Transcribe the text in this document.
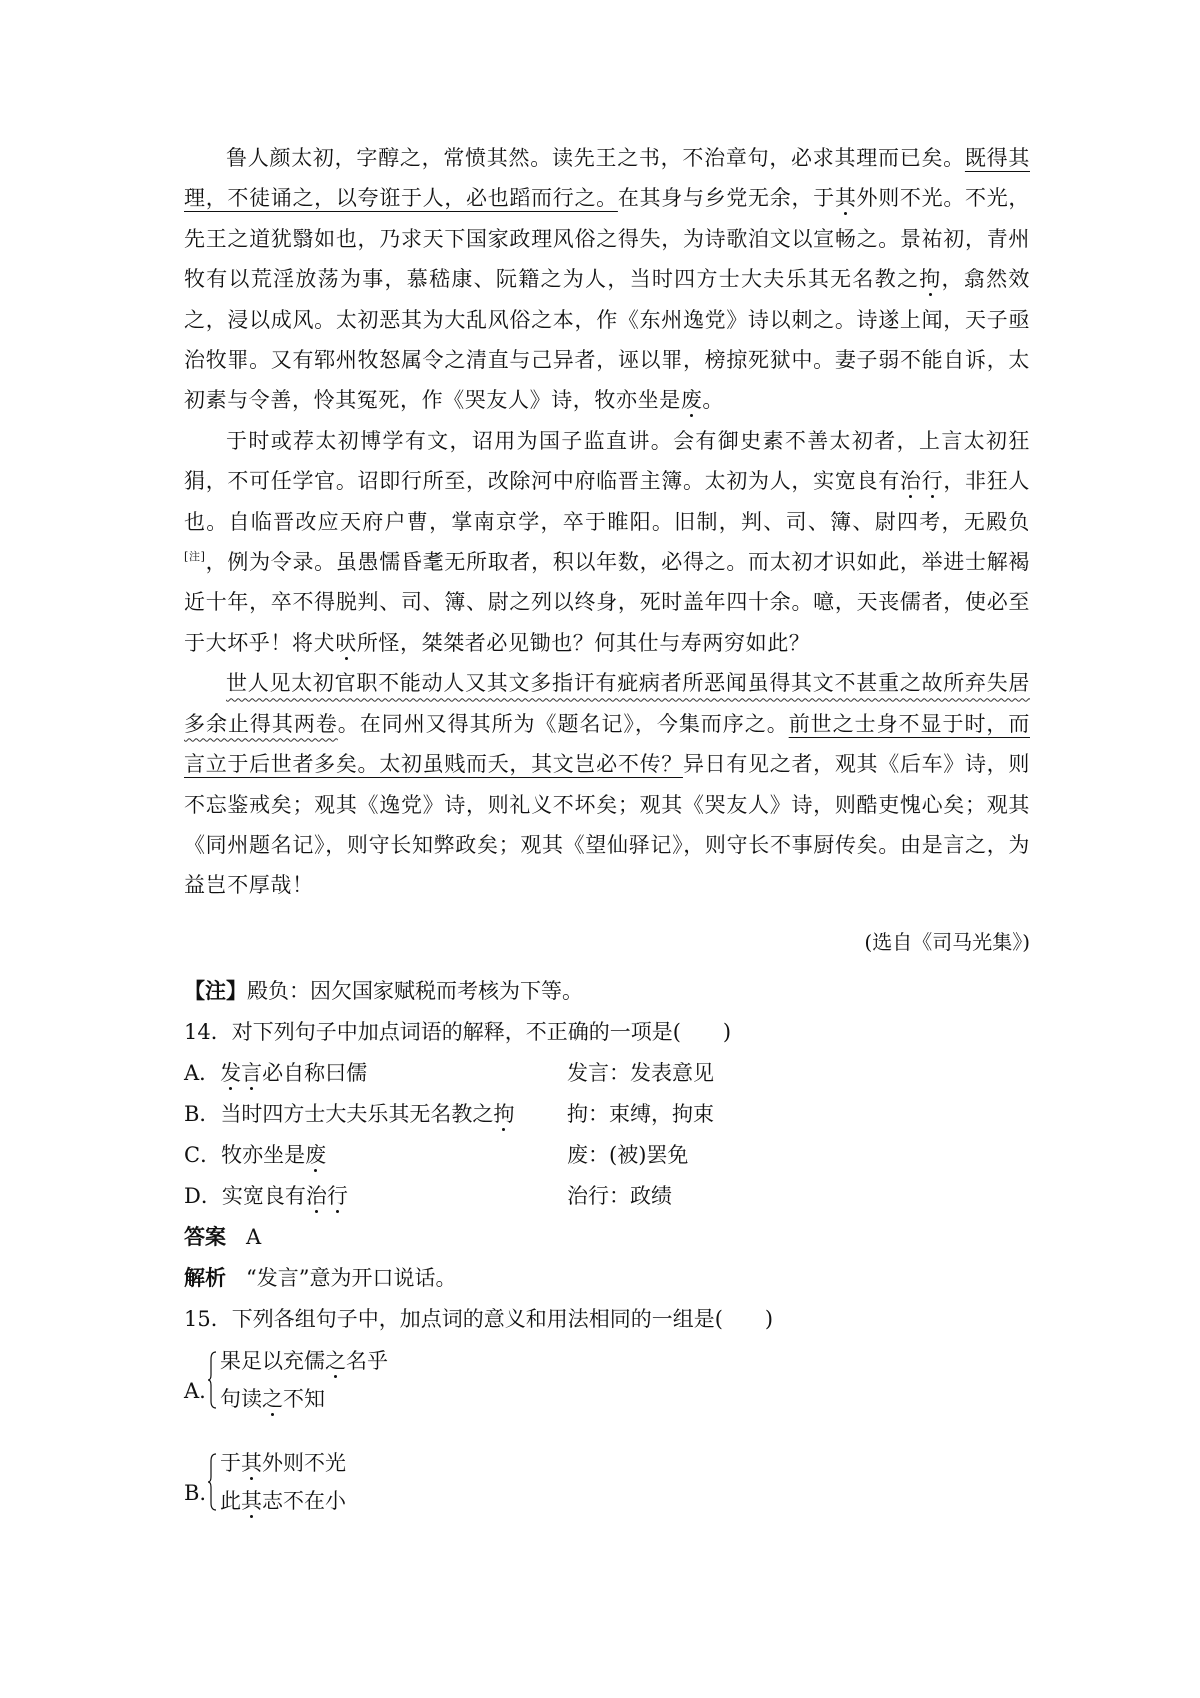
鲁人颜太初，字醇之，常愤其然。读先王之书，不治章句，必求其理而已矣。既得其理，不徒诵之，以夸诳于人，必也蹈而行之。在其身与乡党无余，于其外则不光。不光，先王之道犹翳如也，乃求天下国家政理风俗之得失，为诗歌洎文以宣畅之。景祐初，青州牧有以荒淫放荡为事，慕嵇康、阮籍之为人，当时四方士大夫乐其无名教之拘，翕然效之，浸以成风。太初恶其为大乱风俗之本，作《东州逸党》诗以刺之。诗遂上闻，天子亟治牧罪。又有郓州牧怒属令之清直与己异者，诬以罪，榜掠死狱中。妻子弱不能自诉，太初素与令善，怜其冤死，作《哭友人》诗，牧亦坐是废。

于时或荐太初博学有文，诏用为国子监直讲。会有御史素不善太初者，上言太初狂狷，不可任学官。诏即行所至，改除河中府临晋主簿。太初为人，实宽良有治行，非狂人也。自临晋改应天府户曹，掌南京学，卒于睢阳。旧制，判、司、簿、尉四考，无殿负[注]，例为令录。虽愚懦昏耄无所取者，积以年数，必得之。而太初才识如此，举进士解褐近十年，卒不得脱判、司、簿、尉之列以终身，死时盖年四十余。噫，天丧儒者，使必至于大坏乎！将犬吠所怪，桀桀者必见锄也？何其仕与寿两穷如此？

世人见太初官职不能动人又其文多指讦有疵病者所恶闻虽得其文不甚重之故所弃失居多余止得其两卷。在同州又得其所为《题名记》，今集而序之。前世之士身不显于时，而言立于后世者多矣。太初虽贱而夭，其文岂必不传？异日有见之者，观其《后车》诗，则不忘鉴戒矣；观其《逸党》诗，则礼义不坏矣；观其《哭友人》诗，则酷吏愧心矣；观其《同州题名记》，则守长知弊政矣；观其《望仙驿记》，则守长不事厨传矣。由是言之，为益岂不厚哉！

(选自《司马光集》)

【注】殿负：因欠国家赋税而考核为下等。

14．对下列句子中加点词语的解释，不正确的一项是(　　)

A．发言必自称曰儒	发言：发表意见
B．当时四方士大夫乐其无名教之拘	拘：束缚，拘束
C．牧亦坐是废	废：(被)罢免
D．实宽良有治行	治行：政绩

答案 A

解析 “发言”意为开口说话。

15．下列各组句子中，加点词的意义和用法相同的一组是(　　)

A.
果足以充儒之名乎
句读之不知
B.
于其外则不光
此其志不在小
